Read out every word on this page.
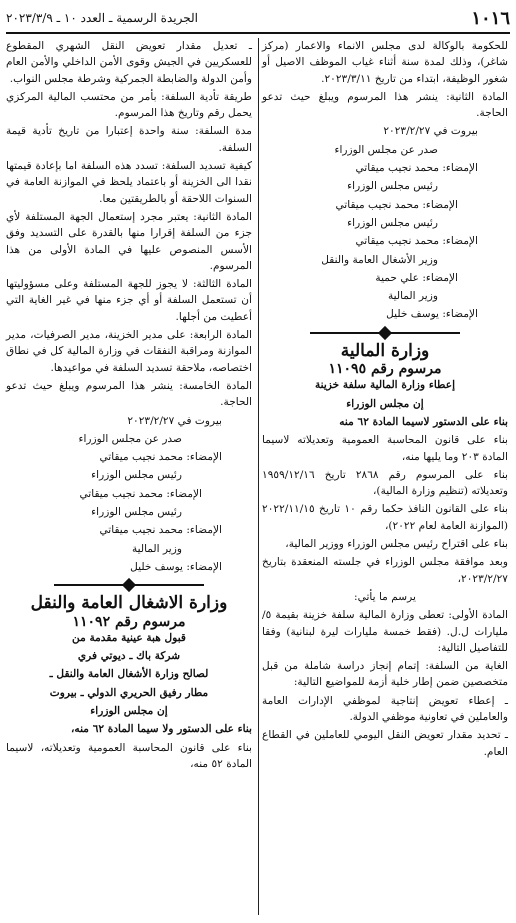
١٠١٦
الجريدة الرسمية ـ العدد ١٠ ـ ٢٠٢٣/٣/٩

للحكومة بالوكالة لدى مجلس الانماء والاعمار (مركز شاغر)، وذلك لمدة سنة أثناء غياب الموظف الاصيل أو شغور الوظيفة، ابتداء من تاريخ ٢٠٢٣/٣/١١.

المادة الثانية: ينشر هذا المرسوم ويبلغ حيث تدعو الحاجة.

بيروت في ٢٠٢٣/٢/٢٧

صدر عن مجلس الوزراء

الإمضاء: محمد نجيب ميقاتي

رئيس مجلس الوزراء

الإمضاء: محمد نجيب ميقاتي

رئيس مجلس الوزراء

الإمضاء: محمد نجيب ميقاتي

وزير الأشغال العامة والنقل

الإمضاء: علي حمية

وزير المالية

الإمضاء: يوسف خليل

وزارة المالية
مرسوم رقم ١١٠٩٥

إعطاء وزارة المالية سلفة خزينة

إن مجلس الوزراء

بناء على الدستور لاسيما المادة ٦٢ منه

بناء على قانون المحاسبة العمومية وتعديلاته لاسيما المادة ٢٠٣ وما يليها منه،

بناء على المرسوم رقم ٢٨٦٨ تاريخ ١٩٥٩/١٢/١٦ وتعديلاته (تنظيم وزارة المالية)،

بناء على القانون النافذ حكما رقم ١٠ تاريخ ٢٠٢٢/١١/١٥ (الموازنة العامة لعام ٢٠٢٢)،

بناء على اقتراح رئيس مجلس الوزراء ووزير المالية،

وبعد موافقة مجلس الوزراء في جلسته المنعقدة بتاريخ ٢٠٢٣/٢/٢٧،

يرسم ما يأتي:

المادة الأولى: تعطى وزارة المالية سلفة خزينة بقيمة ٥/ مليارات ل.ل. (فقط خمسة مليارات ليرة لبنانية) وفقا للتفاصيل التالية:

الغاية من السلفة: إتمام إنجاز دراسة شاملة من قبل متخصصين ضمن إطار خلية أزمة للمواضيع التالية:

ـ إعطاء تعويض إنتاجية لموظفي الإدارات العامة والعاملين في تعاونية موظفي الدولة.

ـ تحديد مقدار تعويض النقل اليومي للعاملين في القطاع العام.

ـ تعديل مقدار تعويض النقل الشهري المقطوع للعسكريين في الجيش وقوى الأمن الداخلي والأمن العام وأمن الدولة والضابطة الجمركية وشرطة مجلس النواب.

طريقة تأدية السلفة: بأمر من محتسب المالية المركزي يحمل رقم وتاريخ هذا المرسوم.

مدة السلفة: سنة واحدة إعتبارا من تاريخ تأدية قيمة السلفة.

كيفية تسديد السلفة: تسدد هذه السلفة اما بإعادة قيمتها نقدا الى الخزينة أو باعتماد يلحظ في الموازنة العامة في السنوات اللاحقة أو بالطريقتين معا.

المادة الثانية: يعتبر مجرد إستعمال الجهة المستلفة لأي جزء من السلفة إقرارا منها بالقدرة على التسديد وفق الأسس المنصوص عليها في المادة الأولى من هذا المرسوم.

المادة الثالثة: لا يجوز للجهة المستلفة وعلى مسؤوليتها أن تستعمل السلفة أو أي جزء منها في غير الغاية التي أعطيت من أجلها.

المادة الرابعة: على مدير الخزينة، مدير الصرفيات، مدير الموازنة ومراقبة النفقات في وزارة المالية كل في نطاق اختصاصه، ملاحقة تسديد السلفة في مواعيدها.

المادة الخامسة: ينشر هذا المرسوم ويبلغ حيث تدعو الحاجة.

بيروت في ٢٠٢٣/٢/٢٧

صدر عن مجلس الوزراء

الإمضاء: محمد نجيب ميقاتي

رئيس مجلس الوزراء

الإمضاء: محمد نجيب ميقاتي

رئيس مجلس الوزراء

الإمضاء: محمد نجيب ميقاتي

وزير المالية

الإمضاء: يوسف خليل

وزارة الاشغال العامة والنقل
مرسوم رقم ١١٠٩٢

قبول هبة عينية مقدمة من

شركة باك ـ ديوتي فري

لصالح وزارة الأشغال العامة والنقل ـ

مطار رفيق الحريري الدولي ـ بيروت

إن مجلس الوزراء

بناء على الدستور ولا سيما المادة ٦٢ منه،

بناء على قانون المحاسبة العمومية وتعديلاته، لاسيما المادة ٥٢ منه،
